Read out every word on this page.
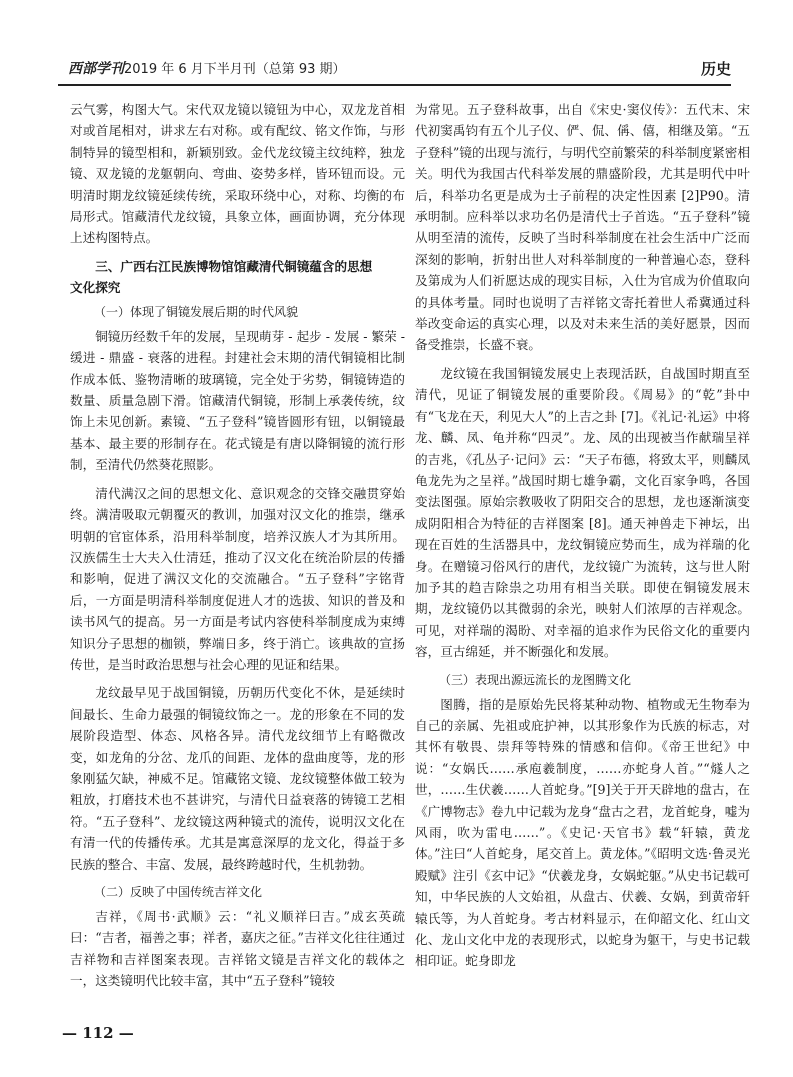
西部学刊2019 年 6 月下半月刊（总第 93 期）	历史

云气雾，构图大气。宋代双龙镜以镜钮为中心，双龙龙首相对或首尾相对，讲求左右对称。或有配纹、铭文作饰，与形制特异的镜型相和，新颖别致。金代龙纹镜主纹纯粹，独龙镜、双龙镜的龙躯朝向、弯曲、姿势多样，皆环钮而设。元明清时期龙纹镜延续传统，采取环绕中心，对称、均衡的布局形式。馆藏清代龙纹镜，具象立体，画面协调，充分体现上述构图特点。

三、广西右江民族博物馆馆藏清代铜镜蕴含的思想
文化探究
（一）体现了铜镜发展后期的时代风貌

铜镜历经数千年的发展，呈现萌芽 - 起步 - 发展 - 繁荣 - 缓进 - 鼎盛 - 衰落的进程。封建社会末期的清代铜镜相比制作成本低、鉴物清晰的玻璃镜，完全处于劣势，铜镜铸造的数量、质量急剧下滑。馆藏清代铜镜，形制上承袭传统，纹饰上未见创新。素镜、“五子登科”镜皆圆形有钮，以铜镜最基本、最主要的形制存在。花式镜是有唐以降铜镜的流行形制，至清代仍然葵花照影。

清代满汉之间的思想文化、意识观念的交锋交融贯穿始终。满清吸取元朝覆灭的教训，加强对汉文化的推崇，继承明朝的官宦体系，沿用科举制度，培养汉族人才为其所用。汉族儒生士大夫入仕清廷，推动了汉文化在统治阶层的传播和影响，促进了满汉文化的交流融合。“五子登科”字铭背后，一方面是明清科举制度促进人才的选拔、知识的普及和读书风气的提高。另一方面是考试内容使科举制度成为束缚知识分子思想的枷锁，弊端日多，终于消亡。该典故的宣扬传世，是当时政治思想与社会心理的见证和结果。

龙纹最早见于战国铜镜，历朝历代变化不休，是延续时间最长、生命力最强的铜镜纹饰之一。龙的形象在不同的发展阶段造型、体态、风格各异。清代龙纹细节上有略微改变，如龙角的分岔、龙爪的间距、龙体的盘曲度等，龙的形象刚猛欠缺，神威不足。馆藏铭文镜、龙纹镜整体做工较为粗放，打磨技术也不甚讲究，与清代日益衰落的铸镜工艺相符。“五子登科”、龙纹镜这两种镜式的流传，说明汉文化在有清一代的传播传承。尤其是寓意深厚的龙文化，得益于多民族的整合、丰富、发展，最终跨越时代，生机勃勃。

（二）反映了中国传统吉祥文化

吉祥，《周书·武顺》云：“礼义顺祥曰吉。”成玄英疏曰：“吉者，福善之事；祥者，嘉庆之征。”吉祥文化往往通过吉祥物和吉祥图案表现。吉祥铭文镜是吉祥文化的载体之一，这类镜明代比较丰富，其中“五子登科”镜较

为常见。五子登科故事，出自《宋史·窦仪传》：五代末、宋代初窦禹钧有五个儿子仪、俨、侃、偁、僖，相继及第。“五子登科”镜的出现与流行，与明代空前繁荣的科举制度紧密相关。明代为我国古代科举发展的鼎盛阶段，尤其是明代中叶后，科举功名更是成为士子前程的决定性因素 [2]P90。清承明制。应科举以求功名仍是清代士子首选。“五子登科”镜从明至清的流传，反映了当时科举制度在社会生活中广泛而深刻的影响，折射出世人对科举制度的一种普遍心态，登科及第成为人们祈愿达成的现实目标，入仕为官成为价值取向的具体考量。同时也说明了吉祥铭文寄托着世人希冀通过科举改变命运的真实心理，以及对未来生活的美好愿景，因而备受推崇，长盛不衰。

龙纹镜在我国铜镜发展史上表现活跃，自战国时期直至清代，见证了铜镜发展的重要阶段。《周易》的“乾”卦中有“飞龙在天，利见大人”的上吉之卦 [7]。《礼记·礼运》中将龙、麟、凤、龟并称“四灵”。龙、凤的出现被当作献瑞呈祥的吉兆，《孔丛子·记问》云：“天子布德，将致太平，则麟凤龟龙先为之呈祥。”战国时期七雄争霸，文化百家争鸣，各国变法图强。原始宗教吸收了阴阳交合的思想，龙也逐渐演变成阴阳相合为特征的吉祥图案 [8]。通天神兽走下神坛，出现在百姓的生活器具中，龙纹铜镜应势而生，成为祥瑞的化身。在赠镜习俗风行的唐代，龙纹镜广为流转，这与世人附加予其的趋吉除祟之功用有相当关联。即使在铜镜发展末期，龙纹镜仍以其微弱的余光，映射人们浓厚的吉祥观念。可见，对祥瑞的渴盼、对幸福的追求作为民俗文化的重要内容，亘古绵延，并不断强化和发展。

（三）表现出源远流长的龙图腾文化

图腾，指的是原始先民将某种动物、植物或无生物奉为自己的亲属、先祖或庇护神，以其形象作为氏族的标志，对其怀有敬畏、崇拜等特殊的情感和信仰。《帝王世纪》中说：“女娲氏……承庖羲制度，……亦蛇身人首。”“燧人之世，……生伏羲……人首蛇身。”[9]关于开天辟地的盘古，在《广博物志》卷九中记载为龙身“盘古之君，龙首蛇身，嘘为风雨，吹为雷电……”。《史记·天官书》载“轩辕，黄龙体。”注曰“人首蛇身，尾交首上。黄龙体。”《昭明文选·鲁灵光殿赋》注引《玄中记》“伏羲龙身，女娲蛇躯。”从史书记载可知，中华民族的人文始祖，从盘古、伏羲、女娲，到黄帝轩辕氏等，为人首蛇身。考古材料显示，在仰韶文化、红山文化、龙山文化中龙的表现形式，以蛇身为躯干，与史书记载相印证。蛇身即龙

— 112 —
